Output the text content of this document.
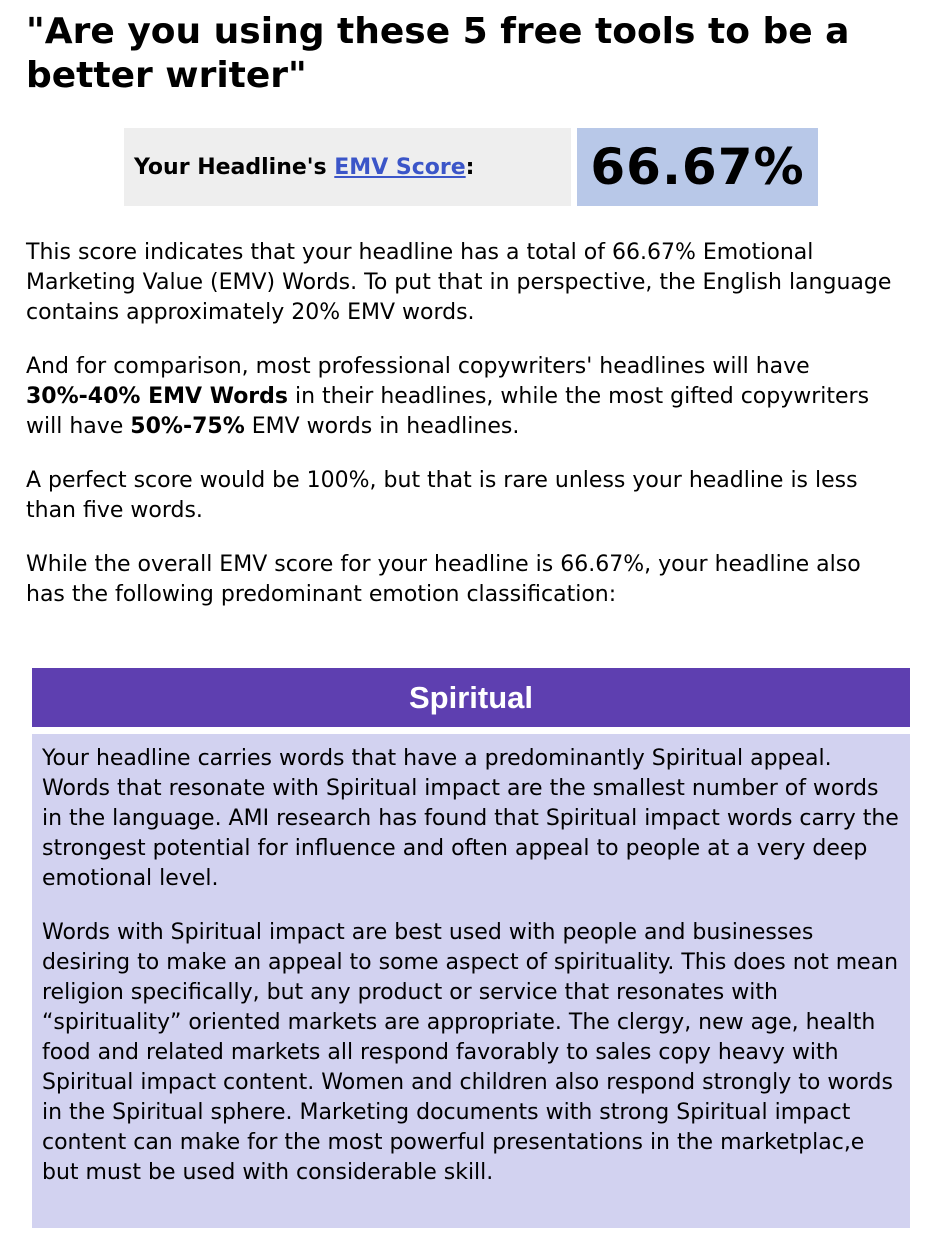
"Are you using these 5 free tools to be a better writer"
Your Headline's EMV Score : 66.67%

This score indicates that your headline has a total of 66.67% Emotional Marketing Value (EMV) Words. To put that in perspective, the English language contains approximately 20% EMV words.

And for comparison, most professional copywriters' headlines will have 30%-40% EMV Words in their headlines, while the most gifted copywriters will have 50%-75% EMV words in headlines.

A perfect score would be 100%, but that is rare unless your headline is less than five words.

While the overall EMV score for your headline is 66.67%, your headline also has the following predominant emotion classification:

Spiritual

Your headline carries words that have a predominantly Spiritual appeal. Words that resonate with Spiritual impact are the smallest number of words in the language. AMI research has found that Spiritual impact words carry the strongest potential for influence and often appeal to people at a very deep emotional level.

Words with Spiritual impact are best used with people and businesses desiring to make an appeal to some aspect of spirituality. This does not mean religion specifically, but any product or service that resonates with “spirituality” oriented markets are appropriate. The clergy, new age, health food and related markets all respond favorably to sales copy heavy with Spiritual impact content. Women and children also respond strongly to words in the Spiritual sphere. Marketing documents with strong Spiritual impact content can make for the most powerful presentations in the marketplac,e but must be used with considerable skill.
